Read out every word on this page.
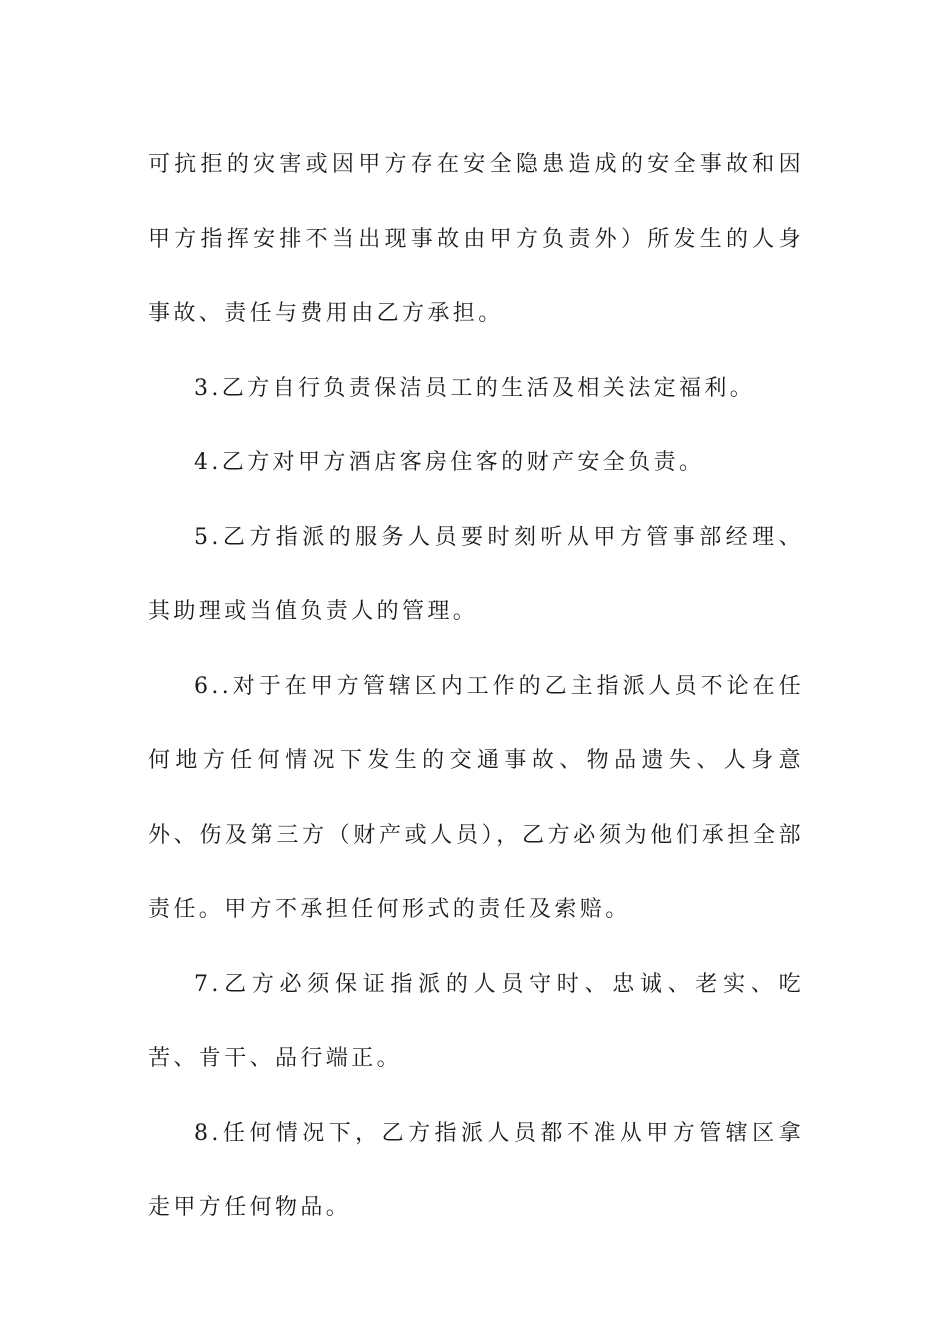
可抗拒的灾害或因甲方存在安全隐患造成的安全事故和因甲方指挥安排不当出现事故由甲方负责外）所发生的人身事故、责任与费用由乙方承担。

3.乙方自行负责保洁员工的生活及相关法定福利。

4.乙方对甲方酒店客房住客的财产安全负责。

5.乙方指派的服务人员要时刻听从甲方管事部经理、其助理或当值负责人的管理。

6..对于在甲方管辖区内工作的乙主指派人员不论在任何地方任何情况下发生的交通事故、物品遗失、人身意外、伤及第三方（财产或人员），乙方必须为他们承担全部责任。甲方不承担任何形式的责任及索赔。

7.乙方必须保证指派的人员守时、忠诚、老实、吃苦、肯干、品行端正。

8.任何情况下，乙方指派人员都不准从甲方管辖区拿走甲方任何物品。
